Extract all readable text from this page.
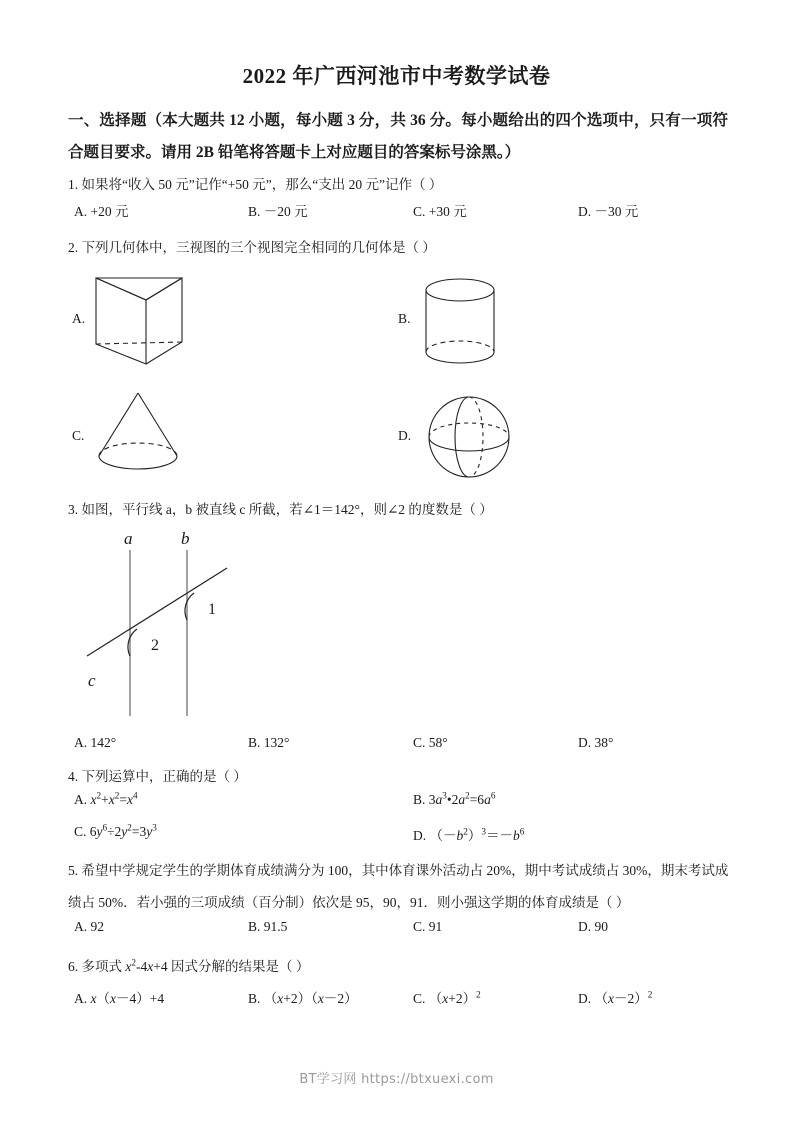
2022 年广西河池市中考数学试卷
一、选择题（本大题共 12 小题，每小题 3 分，共 36 分。每小题给出的四个选项中，只有一项符合题目要求。请用 2B 铅笔将答题卡上对应题目的答案标号涂黑。）
1. 如果将“收入 50 元”记作“+50 元”，那么“支出 20 元”记作（ ）
A. +20 元	B. －20 元	C. +30 元	D. －30 元
2. 下列几何体中，三视图的三个视图完全相同的几何体是（ ）
A.	B.
C.	D.
3. 如图，平行线 a，b 被直线 c 所截，若∠1＝142°，则∠2 的度数是（ ）
a	b
c
2
1
A. 142°	B. 132°	C. 58°	D. 38°
4. 下列运算中，正确的是（ ）
A. $x^2+x^2=x^4$	B. $3a^3•2a^2=6a^6$
C. $6y^6\div 2y^2=3y^3$
D. $(-b^2)^3=-b^6$
5. 希望中学规定学生的学期体育成绩满分为 100，其中体育课外活动占 20%，期中考试成绩占 30%，期末考试成绩占 50%．若小强的三项成绩（百分制）依次是 95，90，91．则小强这学期的体育成绩是（ ）
A. 92	B. 91.5	C. 91	D. 90
6. 多项式 $x^2-4x+4$ 因式分解的结果是（ ）
A. x（x－4）+4	B. （x+2）（x－2）	C. $(x+2)^2$	D. $(x-2)^2$
BT学习网 https://btxuexi.com
